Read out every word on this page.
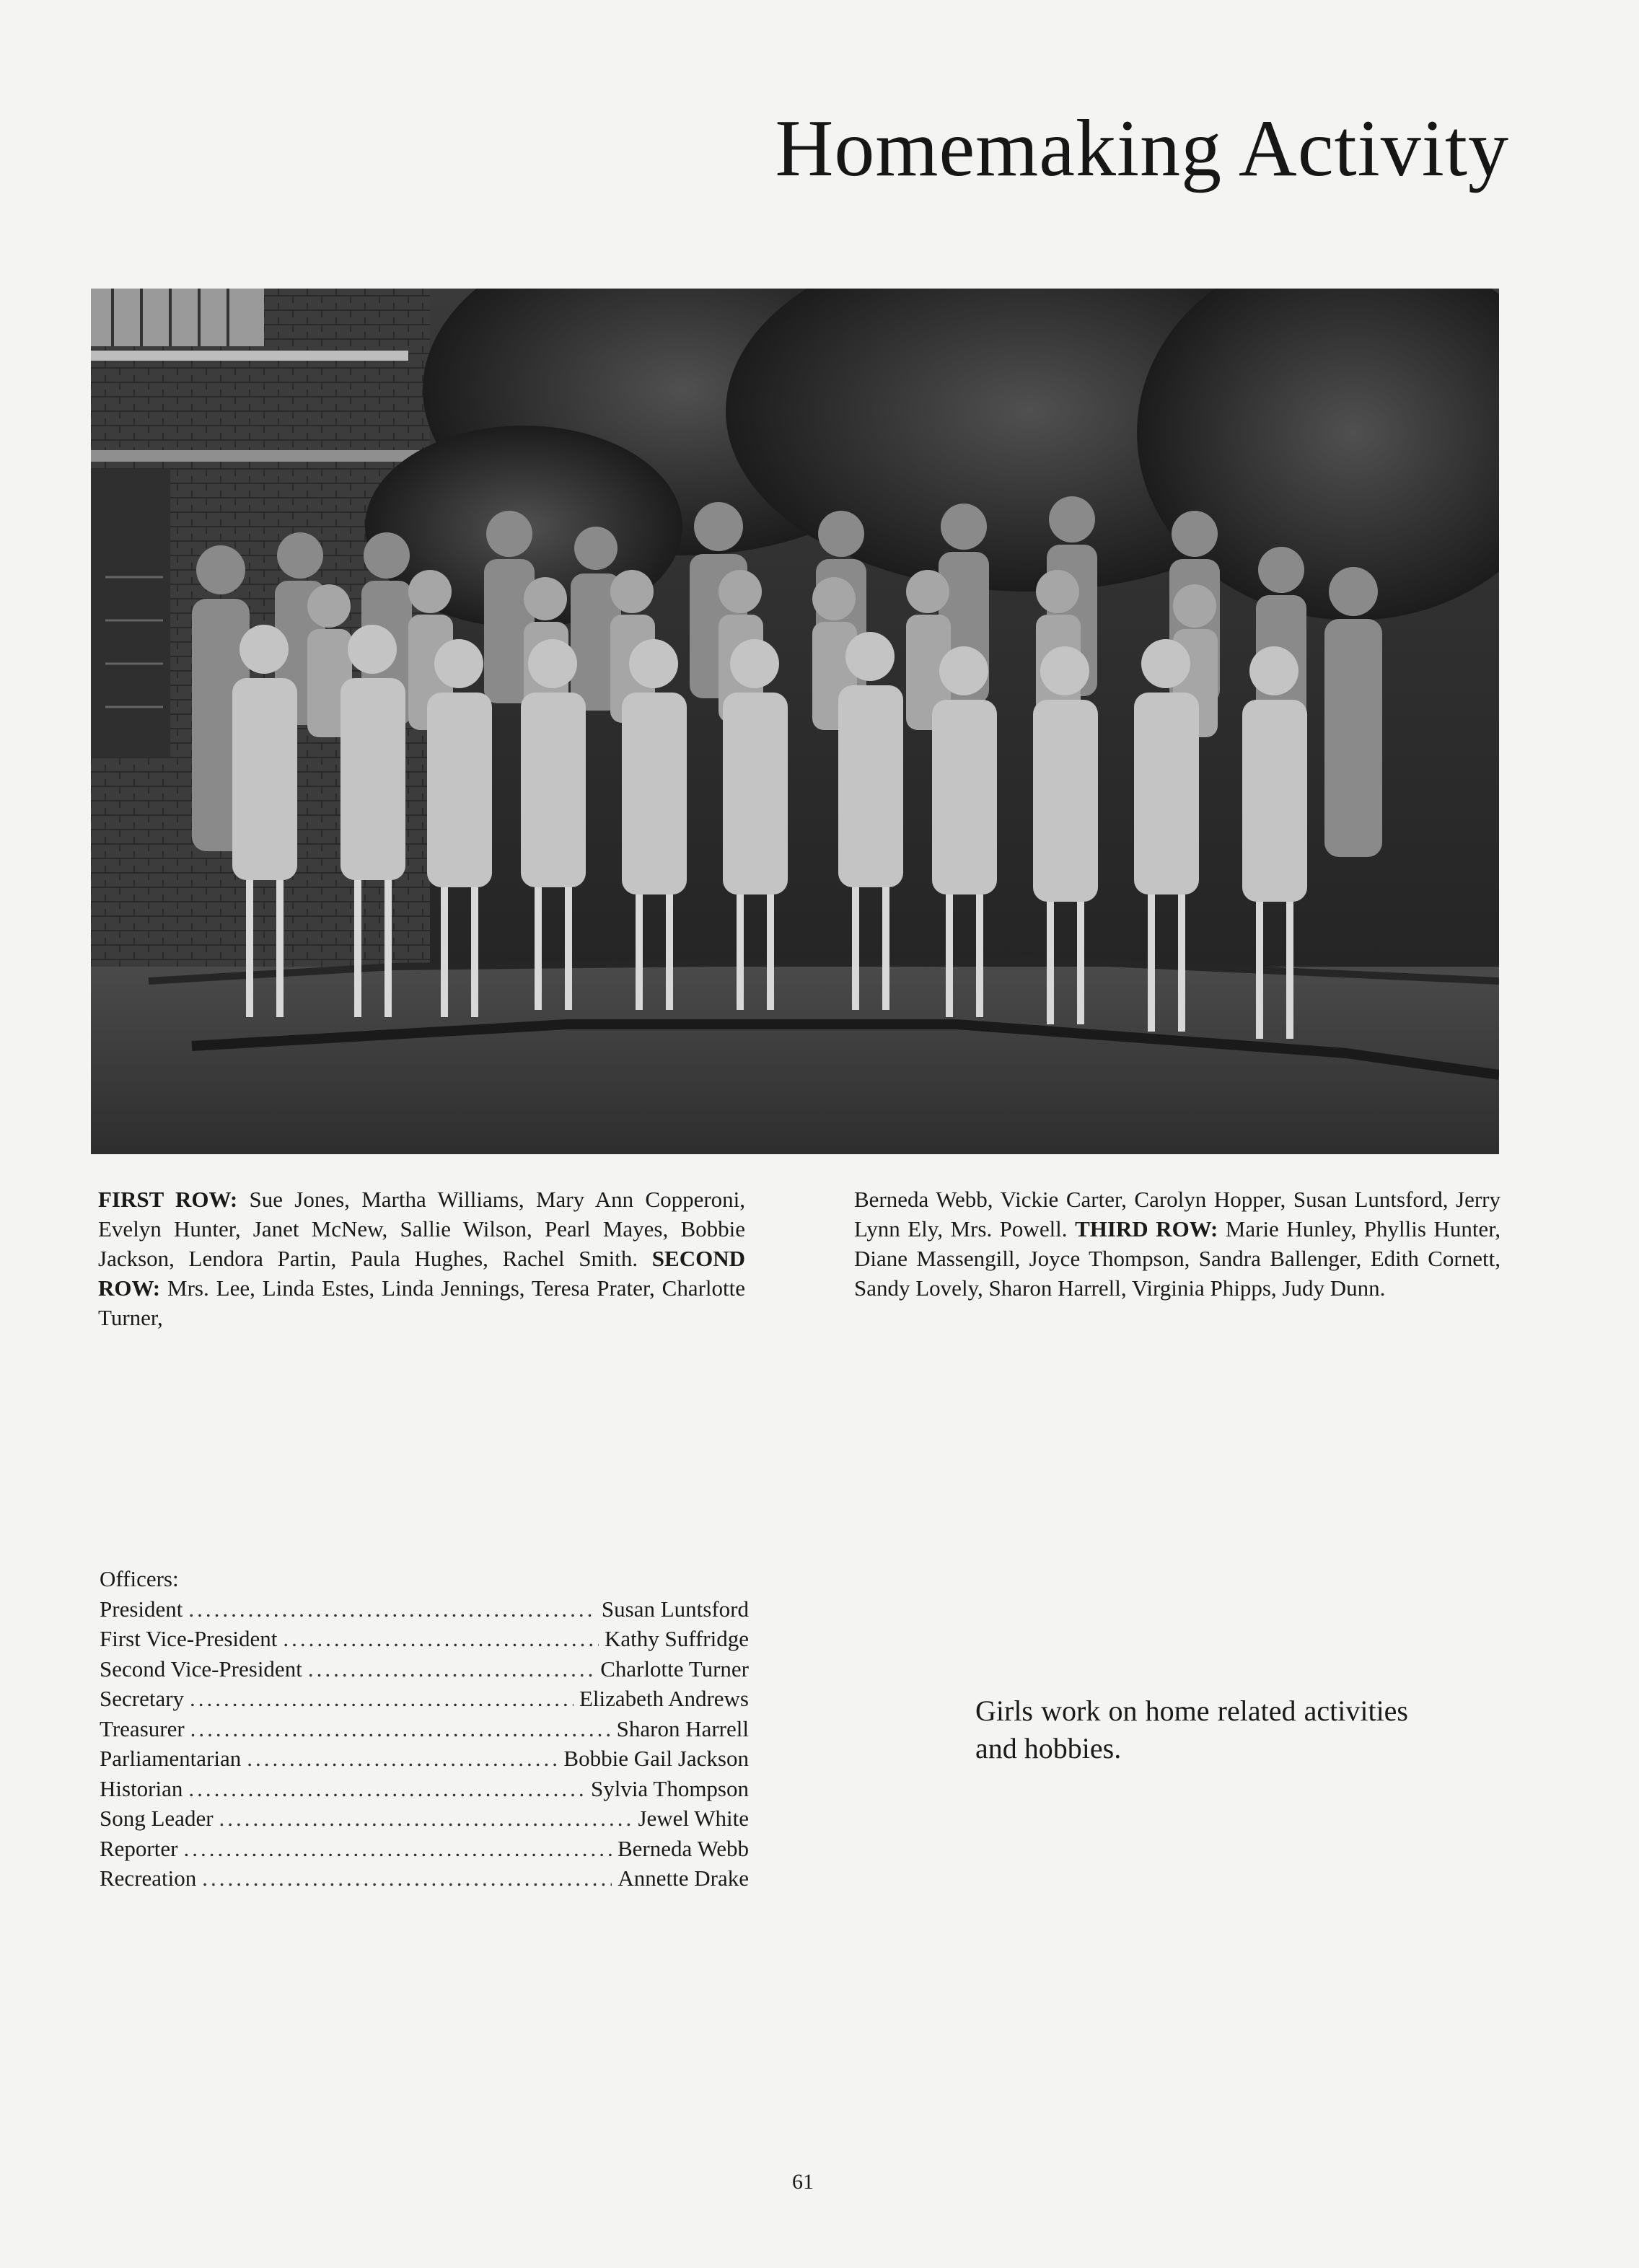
Homemaking Activity

FIRST ROW: Sue Jones, Martha Williams, Mary Ann Copperoni, Evelyn Hunter, Janet McNew, Sallie Wilson, Pearl Mayes, Bobbie Jackson, Lendora Partin, Paula Hughes, Rachel Smith. SECOND ROW: Mrs. Lee, Linda Estes, Linda Jennings, Teresa Prater, Charlotte Turner,

Berneda Webb, Vickie Carter, Carolyn Hopper, Susan Luntsford, Jerry Lynn Ely, Mrs. Powell. THIRD ROW: Marie Hunley, Phyllis Hunter, Diane Massengill, Joyce Thompson, Sandra Ballenger, Edith Cornett, Sandy Lovely, Sharon Harrell, Virginia Phipps, Judy Dunn.

Officers:
President .....	Susan Luntsford
First Vice-President .....	Kathy Suffridge
Second Vice-President .....	Charlotte Turner
Secretary .....	Elizabeth Andrews
Treasurer .....	Sharon Harrell
Parliamentarian .....	Bobbie Gail Jackson
Historian .....	Sylvia Thompson
Song Leader .....	Jewel White
Reporter .....	Berneda Webb
Recreation .....	Annette Drake

Girls work on home related activities and hobbies.

61
